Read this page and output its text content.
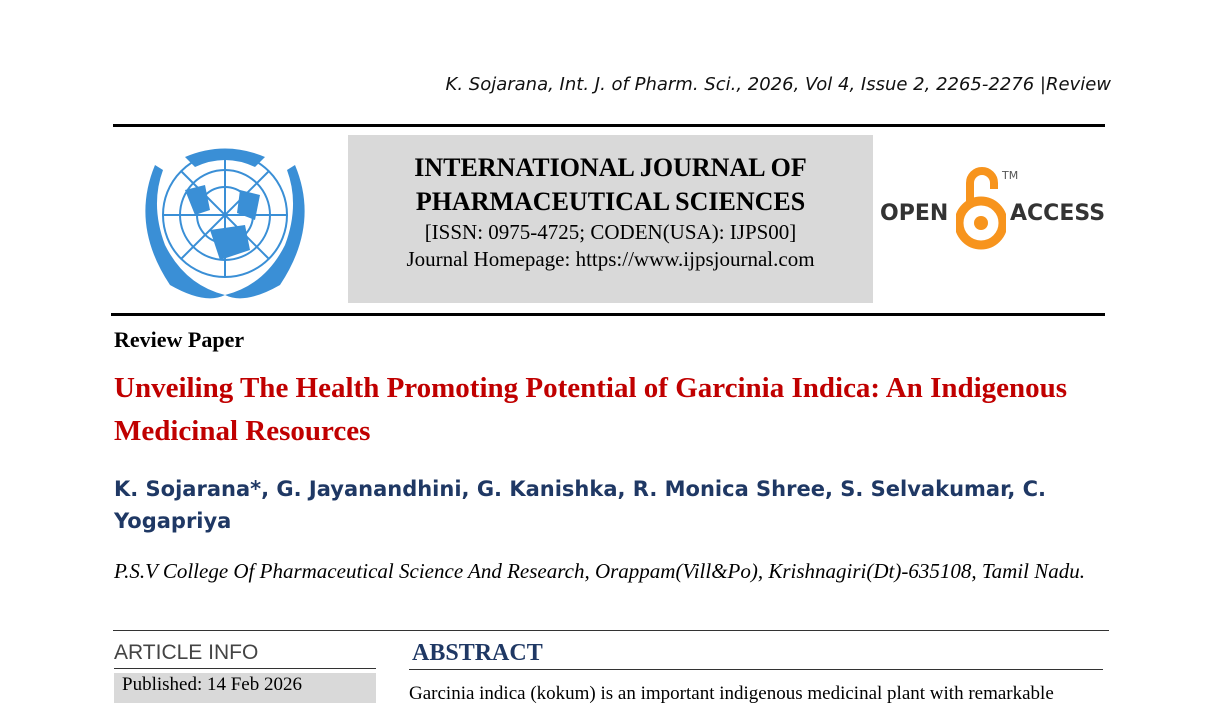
K. Sojarana, Int. J. of Pharm. Sci., 2026, Vol 4, Issue 2, 2265-2276 |Review
INTERNATIONAL JOURNAL OF
PHARMACEUTICAL SCIENCES
[ISSN: 0975-4725; CODEN(USA): IJPS00]
Journal Homepage: https://www.ijpsjournal.com
OPEN
TM
ACCESS
Review Paper
Unveiling The Health Promoting Potential of Garcinia Indica: An Indigenous Medicinal Resources
K. Sojarana*, G. Jayanandhini, G. Kanishka, R. Monica Shree, S. Selvakumar, C. Yogapriya
P.S.V College Of Pharmaceutical Science And Research, Orappam(Vill&Po), Krishnagiri(Dt)-635108, Tamil Nadu.
ARTICLE INFO
Published: 14 Feb 2026
ABSTRACT
Garcinia indica (kokum) is an important indigenous medicinal plant with remarkable
